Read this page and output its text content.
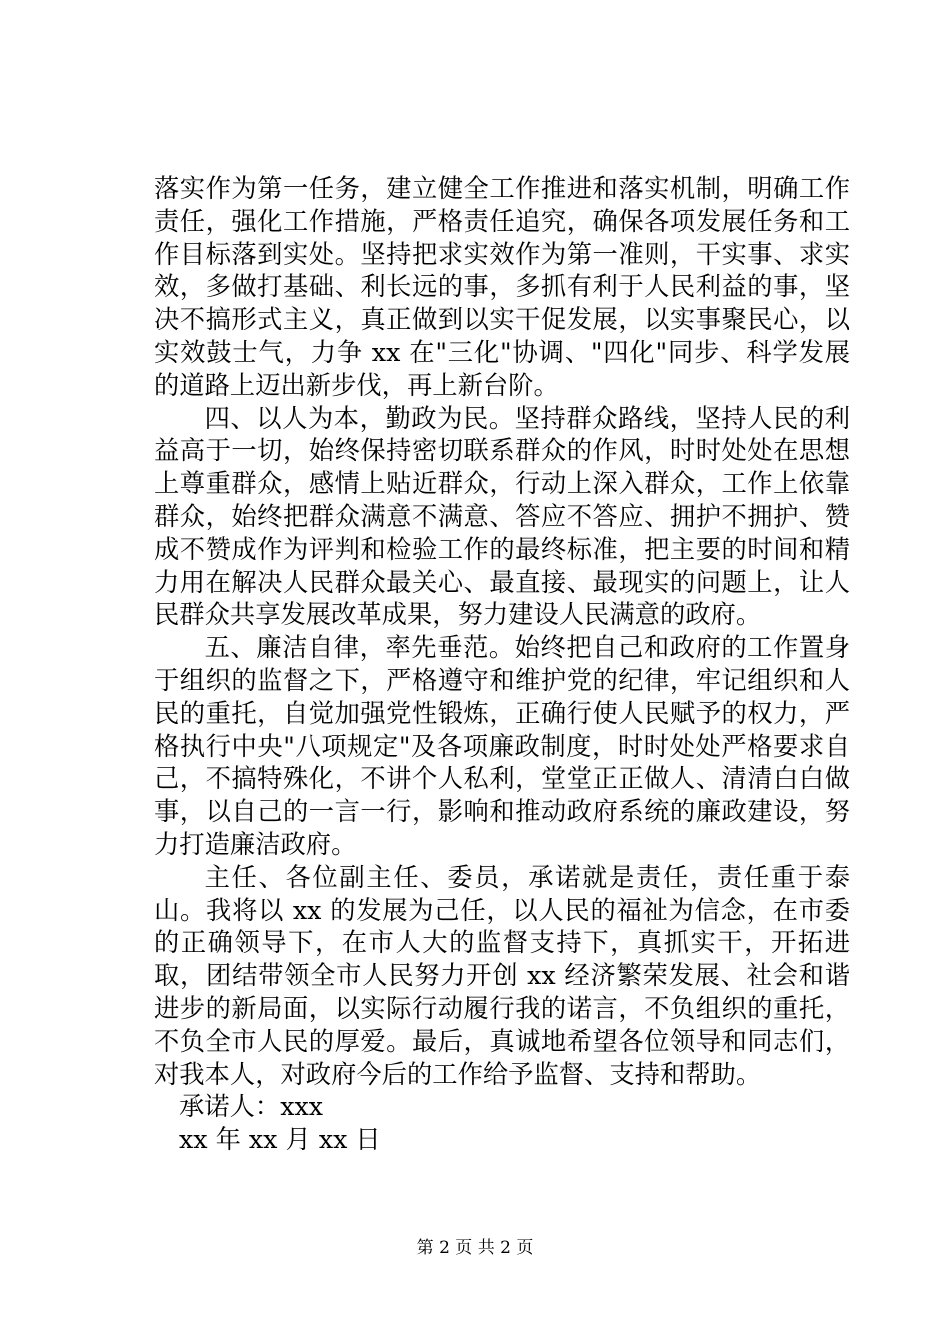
落实作为第一任务，建立健全工作推进和落实机制，明确工作责任，强化工作措施，严格责任追究，确保各项发展任务和工作目标落到实处。坚持把求实效作为第一准则，干实事、求实效，多做打基础、利长远的事，多抓有利于人民利益的事，坚决不搞形式主义，真正做到以实干促发展，以实事聚民心，以实效鼓士气，力争 xx 在"三化"协调、"四化"同步、科学发展的道路上迈出新步伐，再上新台阶。

四、以人为本，勤政为民。坚持群众路线，坚持人民的利益高于一切，始终保持密切联系群众的作风，时时处处在思想上尊重群众，感情上贴近群众，行动上深入群众，工作上依靠群众，始终把群众满意不满意、答应不答应、拥护不拥护、赞成不赞成作为评判和检验工作的最终标准，把主要的时间和精力用在解决人民群众最关心、最直接、最现实的问题上，让人民群众共享发展改革成果，努力建设人民满意的政府。

五、廉洁自律，率先垂范。始终把自己和政府的工作置身于组织的监督之下，严格遵守和维护党的纪律，牢记组织和人民的重托，自觉加强党性锻炼，正确行使人民赋予的权力，严格执行中央"八项规定"及各项廉政制度，时时处处严格要求自己，不搞特殊化，不讲个人私利，堂堂正正做人、清清白白做事，以自己的一言一行，影响和推动政府系统的廉政建设，努力打造廉洁政府。

主任、各位副主任、委员，承诺就是责任，责任重于泰山。我将以 xx 的发展为己任，以人民的福祉为信念，在市委的正确领导下，在市人大的监督支持下，真抓实干，开拓进取，团结带领全市人民努力开创 xx 经济繁荣发展、社会和谐进步的新局面，以实际行动履行我的诺言，不负组织的重托，不负全市人民的厚爱。最后，真诚地希望各位领导和同志们，对我本人，对政府今后的工作给予监督、支持和帮助。

承诺人：xxx

xx 年 xx 月 xx 日

第 2 页 共 2 页
